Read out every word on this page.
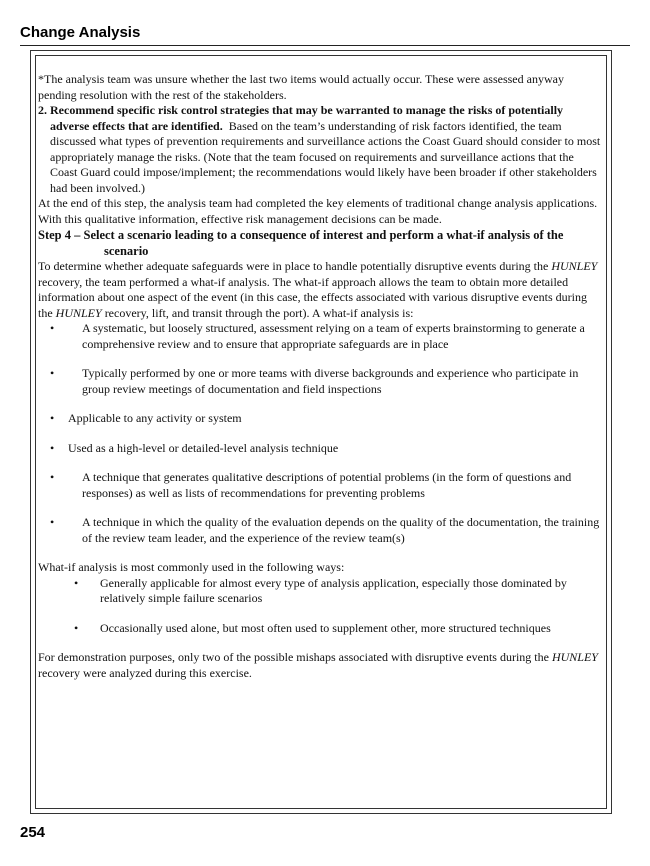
Change Analysis

*The analysis team was unsure whether the last two items would actually occur. These were assessed anyway pending resolution with the rest of the stakeholders.

2. Recommend specific risk control strategies that may be warranted to manage the risks of potentially adverse effects that are identified. Based on the team’s understanding of risk factors identified, the team discussed what types of prevention requirements and surveillance actions the Coast Guard should consider to most appropriately manage the risks. (Note that the team focused on requirements and surveillance actions that the Coast Guard could impose/implement; the recommendations would likely have been broader if other stakeholders had been involved.)

At the end of this step, the analysis team had completed the key elements of traditional change analysis applications. With this qualitative information, effective risk management decisions can be made.

Step 4 – Select a scenario leading to a consequence of interest and perform a what-if analysis of the scenario

To determine whether adequate safeguards were in place to handle potentially disruptive events during the HUNLEY recovery, the team performed a what-if analysis. The what-if approach allows the team to obtain more detailed information about one aspect of the event (in this case, the effects associated with various disruptive events during the HUNLEY recovery, lift, and transit through the port). A what-if analysis is:

• A systematic, but loosely structured, assessment relying on a team of experts brainstorming to generate a comprehensive review and to ensure that appropriate safeguards are in place
• Typically performed by one or more teams with diverse backgrounds and experience who participate in group review meetings of documentation and field inspections
• Applicable to any activity or system
• Used as a high-level or detailed-level analysis technique
• A technique that generates qualitative descriptions of potential problems (in the form of questions and responses) as well as lists of recommendations for preventing problems
• A technique in which the quality of the evaluation depends on the quality of the documentation, the training of the review team leader, and the experience of the review team(s)

What-if analysis is most commonly used in the following ways:

• Generally applicable for almost every type of analysis application, especially those dominated by relatively simple failure scenarios
• Occasionally used alone, but most often used to supplement other, more structured techniques

For demonstration purposes, only two of the possible mishaps associated with disruptive events during the HUNLEY recovery were analyzed during this exercise.

254
